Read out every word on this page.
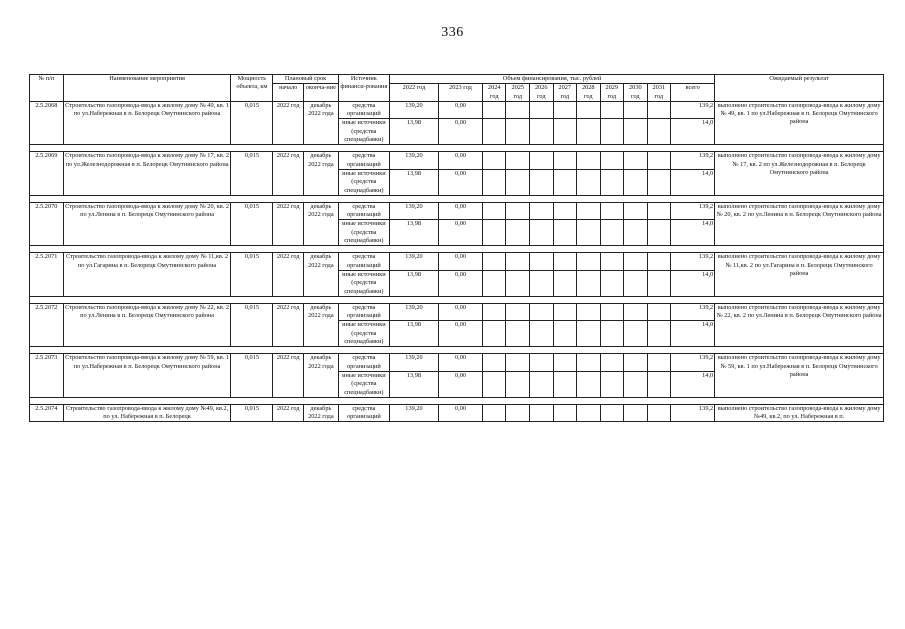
336
№ п/п	Наименование мероприятия	Мощность объекта, км	Плановый срок		Источник финанси-рования	Объем финансирования, тыс. рублей											Ожидаемый результат
			начало	оконча-ние		2022 год	2023 год	2024 год	2025 год	2026 год	2027 год	2028 год	2029 год	2030 год	2031 год	всего	

2.5.2068	Строительство газопровода-ввода к жилому дому № 49, кв. 1 по ул.Набережная в п. Белорецк Омутнинского района	0,015	2022 год	декабрь 2022 года	средства организаций	139,20	0,00									139,2	выполнено строительство газопровода-ввода к жилому дому № 49, кв. 1 по ул.Набережная в п. Белорецк Омутнинского района
					иные источники (средства спецнадбавки)	13,98	0,00									14,0	

2.5.2069	Строительство газопровода-ввода к жилому дому № 17, кв. 2 по ул.Железнодорожная в п. Белорецк Омутнинского района	0,015	2022 год	декабрь 2022 года	средства организаций	139,20	0,00									139,2	выполнено строительство газопровода-ввода к жилому дому № 17, кв. 2 по ул.Железнодорожная в п. Белорецк Омутнинского района
					иные источники (средства спецнадбавки)	13,98	0,00									14,0	

2.5.2070	Строительство газопровода-ввода к жилому дому № 20, кв. 2 по ул.Ленина в п. Белорецк Омутнинского района	0,015	2022 год	декабрь 2022 года	средства организаций	139,20	0,00									139,2	выполнено строительство газопровода-ввода к жилому дому № 20, кв. 2 по ул.Ленина в п. Белорецк Омутнинского района
					иные источники (средства спецнадбавки)	13,98	0,00									14,0	

2.5.2071	Строительство газопровода-ввода к жилому дому № 11,кв. 2 по ул.Гагарина в п. Белорецк Омутнинского района	0,015	2022 год	декабрь 2022 года	средства организаций	139,20	0,00									139,2	выполнено строительство газопровода-ввода к жилому дому № 11,кв. 2 по ул.Гагарина в п. Белорецк Омутнинского района
					иные источники (средства спецнадбавки)	13,98	0,00									14,0	

2.5.2072	Строительство газопровода-ввода к жилому дому № 22, кв. 2 по ул.Ленина в п. Белорецк Омутнинского района	0,015	2022 год	декабрь 2022 года	средства организаций	139,20	0,00									139,2	выполнено строительство газопровода-ввода к жилому дому № 22, кв. 2 по ул.Ленина в п. Белорецк Омутнинского района
					иные источники (средства спецнадбавки)	13,98	0,00									14,0	

2.5.2073	Строительство газопровода-ввода к жилому дому № 59, кв. 1 по ул.Набережная в п. Белорецк Омутнинского района	0,015	2022 год	декабрь 2022 года	средства организаций	139,20	0,00									139,2	выполнено строительство газопровода-ввода к жилому дому № 59, кв. 1 по ул.Набережная в п. Белорецк Омутнинского района
					иные источники (средства спецнадбавки)	13,98	0,00									14,0	

2.5.2074	Строительство газопровода-ввода к жилому дому №49, кв.2, по ул. Набережная в п. Белорецк	0,015	2022 год	декабрь 2022 года	средства организаций	139,20	0,00									139,2	выполнено строительство газопровода-ввода к жилому дому №49, кв.2, по ул. Набережная в п.
